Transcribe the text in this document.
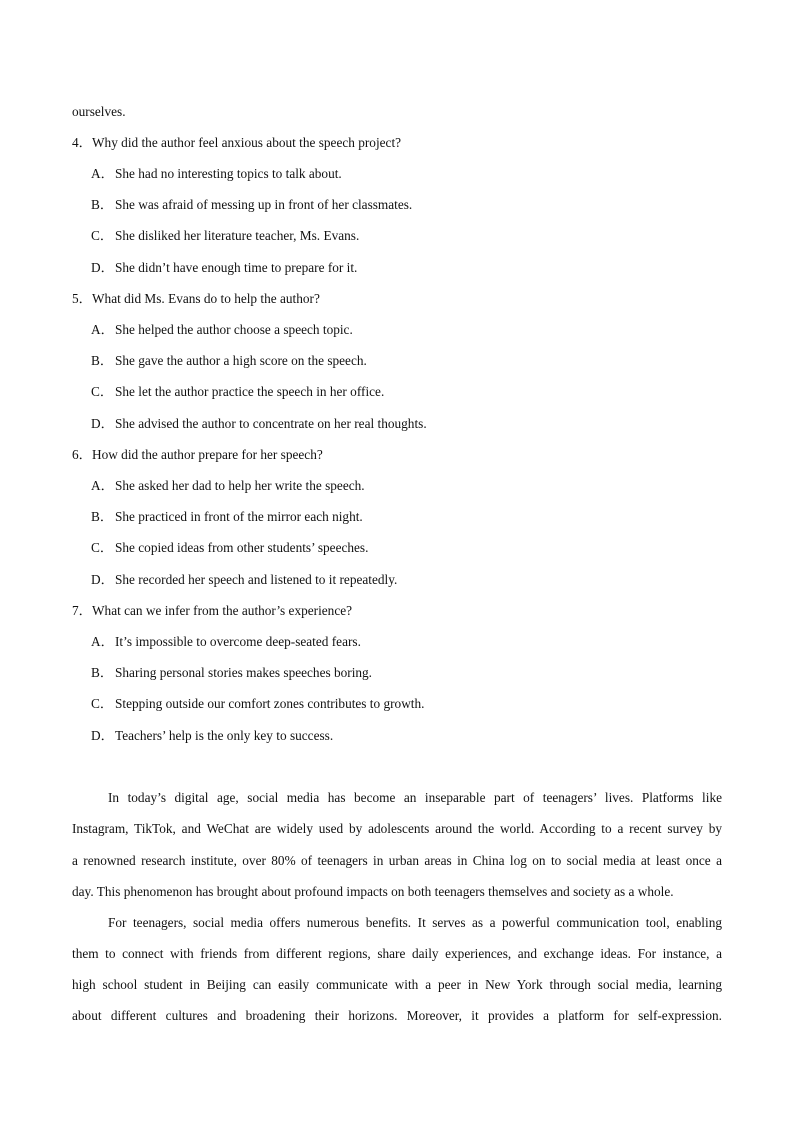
ourselves.
4．Why did the author feel anxious about the speech project?
A．She had no interesting topics to talk about.
B． She was afraid of messing up in front of her classmates.
C． She disliked her literature teacher, Ms. Evans.
D．She didn’t have enough time to prepare for it.
5．What did Ms. Evans do to help the author?
A．She helped the author choose a speech topic.
B． She gave the author a high score on the speech.
C． She let the author practice the speech in her office.
D．She advised the author to concentrate on her real thoughts.
6．How did the author prepare for her speech?
A．She asked her dad to help her write the speech.
B． She practiced in front of the mirror each night.
C． She copied ideas from other students’ speeches.
D．She recorded her speech and listened to it repeatedly.
7．What can we infer from the author’s experience?
A．It’s impossible to overcome deep-seated fears.
B． Sharing personal stories makes speeches boring.
C． Stepping outside our comfort zones contributes to growth.
D．Teachers’ help is the only key to success.
In today’s digital age, social media has become an inseparable part of teenagers’ lives. Platforms like
Instagram, TikTok, and WeChat are widely used by adolescents around the world. According to a recent survey by
a renowned research institute, over 80% of teenagers in urban areas in China log on to social media at least once a
day. This phenomenon has brought about profound impacts on both teenagers themselves and society as a whole.
For teenagers, social media offers numerous benefits. It serves as a powerful communication tool, enabling
them to connect with friends from different regions, share daily experiences, and exchange ideas. For instance, a
high school student in Beijing can easily communicate with a peer in New York through social media, learning
about different cultures and broadening their horizons. Moreover, it provides a platform for self-expression.
